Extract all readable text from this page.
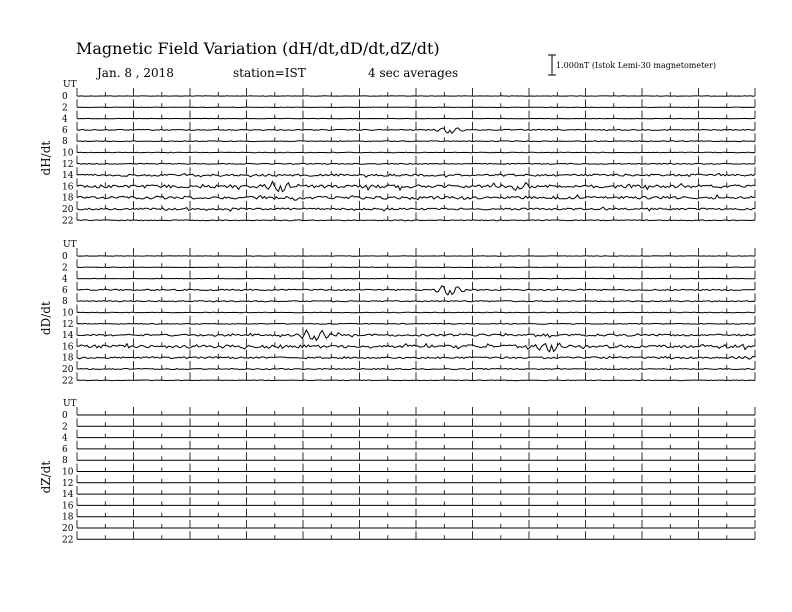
Magnetic Field Variation (dH/dt,dD/dt,dZ/dt)
Jan. 8 , 2018	station=IST	4 sec averages
1.000nT (Istok Lemi-30 magnetometer)
UT
dH/dt
0
2
4
6
8
10
12
14
16
18
20
22
UT
dD/dt
0
2
4
6
8
10
12
14
16
18
20
22
UT
dZ/dt
0
2
4
6
8
10
12
14
16
18
20
22
